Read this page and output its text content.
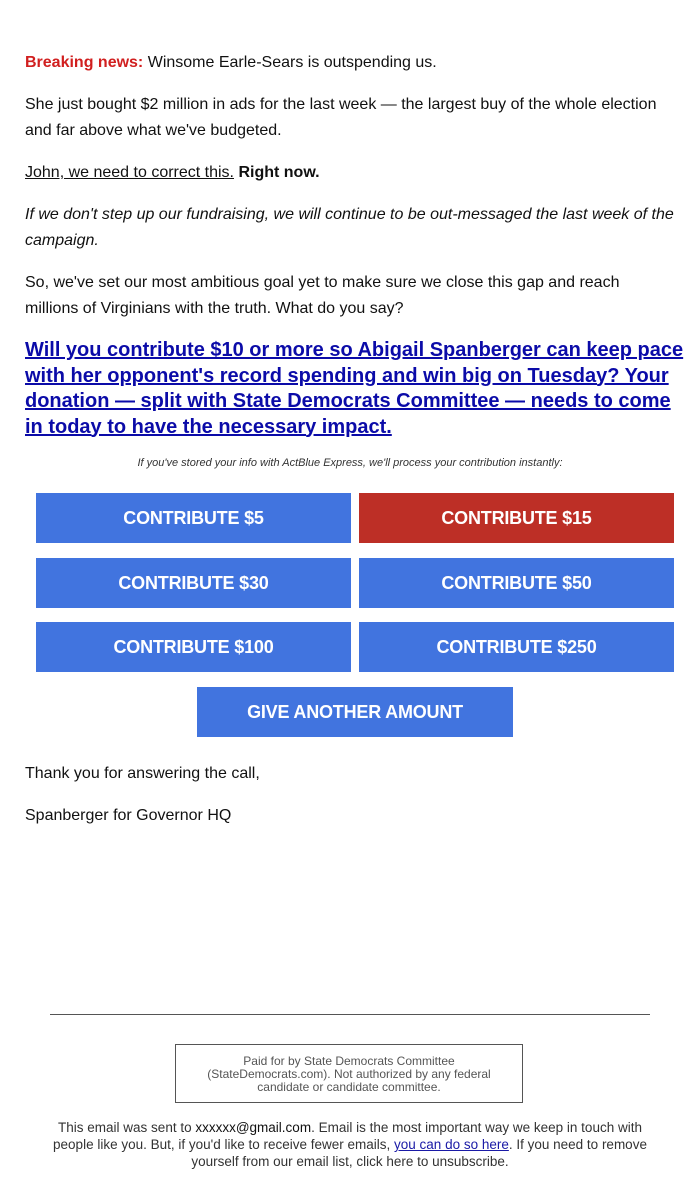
Breaking news: Winsome Earle-Sears is outspending us.

She just bought $2 million in ads for the last week — the largest buy of the whole election and far above what we've budgeted.

John, we need to correct this. Right now.

If we don't step up our fundraising, we will continue to be out-messaged the last week of the campaign.

So, we've set our most ambitious goal yet to make sure we close this gap and reach millions of Virginians with the truth. What do you say?

Will you contribute $10 or more so Abigail Spanberger can keep pace with her opponent's record spending and win big on Tuesday? Your donation — split with State Democrats Committee — needs to come in today to have the necessary impact.
If you've stored your info with ActBlue Express, we'll process your contribution instantly:
CONTRIBUTE $5	CONTRIBUTE $15
CONTRIBUTE $30	CONTRIBUTE $50
CONTRIBUTE $100	CONTRIBUTE $250
GIVE ANOTHER AMOUNT
Thank you for answering the call,
Spanberger for Governor HQ
Paid for by State Democrats Committee (StateDemocrats.com). Not authorized by any federal candidate or candidate committee.
This email was sent to xxxxxx@gmail.com. Email is the most important way we keep in touch with people like you. But, if you'd like to receive fewer emails, you can do so here. If you need to remove yourself from our email list, click here to unsubscribe.
